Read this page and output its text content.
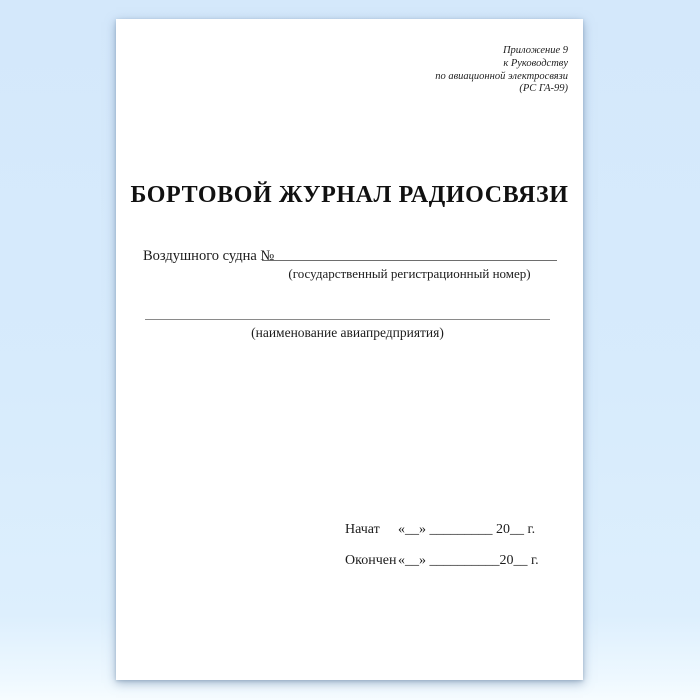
Приложение 9
к Руководству
по авиационной электросвязи
(РС ГА-99)
БОРТОВОЙ ЖУРНАЛ РАДИОСВЯЗИ
Воздушного судна №
(государственный регистрационный номер)
(наименование авиапредприятия)
Начат «__» _________ 20__ г.
Окончен «__» __________20__ г.
